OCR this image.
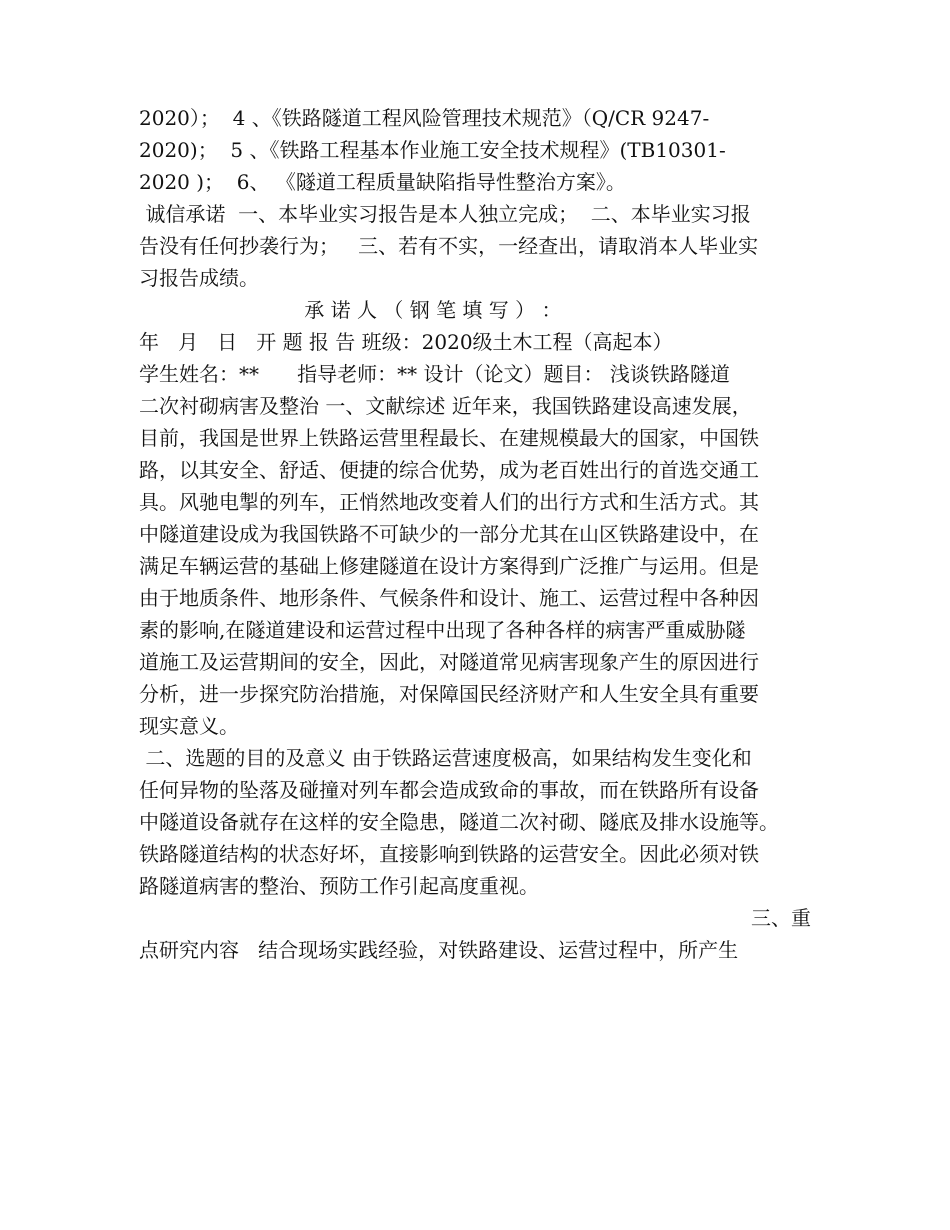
2020）；  4 、《铁路隧道工程风险管理技术规范》（Q/CR 9247-
2020)；  5 、《铁路工程基本作业施工安全技术规程》(TB10301-
2020 )；  6、 《隧道工程质量缺陷指导性整治方案》。
诚信承诺  一、本毕业实习报告是本人独立完成；  二、本毕业实习报
告没有任何抄袭行为；   三、若有不实，一经查出，请取消本人毕业实
习报告成绩。
承 诺 人 （ 钢 笔 填 写 ） ：
年   月   日   开 题 报 告 班级：2020级土木工程（高起本）
学生姓名：**      指导老师：** 设计（论文）题目： 浅谈铁路隧道
二次衬砌病害及整治 一、文献综述 近年来，我国铁路建设高速发展，
目前，我国是世界上铁路运营里程最长、在建规模最大的国家，中国铁
路，以其安全、舒适、便捷的综合优势，成为老百姓出行的首选交通工
具。风驰电掣的列车，正悄然地改变着人们的出行方式和生活方式。其
中隧道建设成为我国铁路不可缺少的一部分尤其在山区铁路建设中，在
满足车辆运营的基础上修建隧道在设计方案得到广泛推广与运用。但是
由于地质条件、地形条件、气候条件和设计、施工、运营过程中各种因
素的影响,在隧道建设和运营过程中出现了各种各样的病害严重威胁隧
道施工及运营期间的安全，因此，对隧道常见病害现象产生的原因进行
分析，进一步探究防治措施，对保障国民经济财产和人生安全具有重要
现实意义。
二、选题的目的及意义 由于铁路运营速度极高，如果结构发生变化和
任何异物的坠落及碰撞对列车都会造成致命的事故，而在铁路所有设备
中隧道设备就存在这样的安全隐患，隧道二次衬砌、隧底及排水设施等。
铁路隧道结构的状态好坏，直接影响到铁路的运营安全。因此必须对铁
路隧道病害的整治、预防工作引起高度重视。
三、重
点研究内容   结合现场实践经验，对铁路建设、运营过程中，所产生
